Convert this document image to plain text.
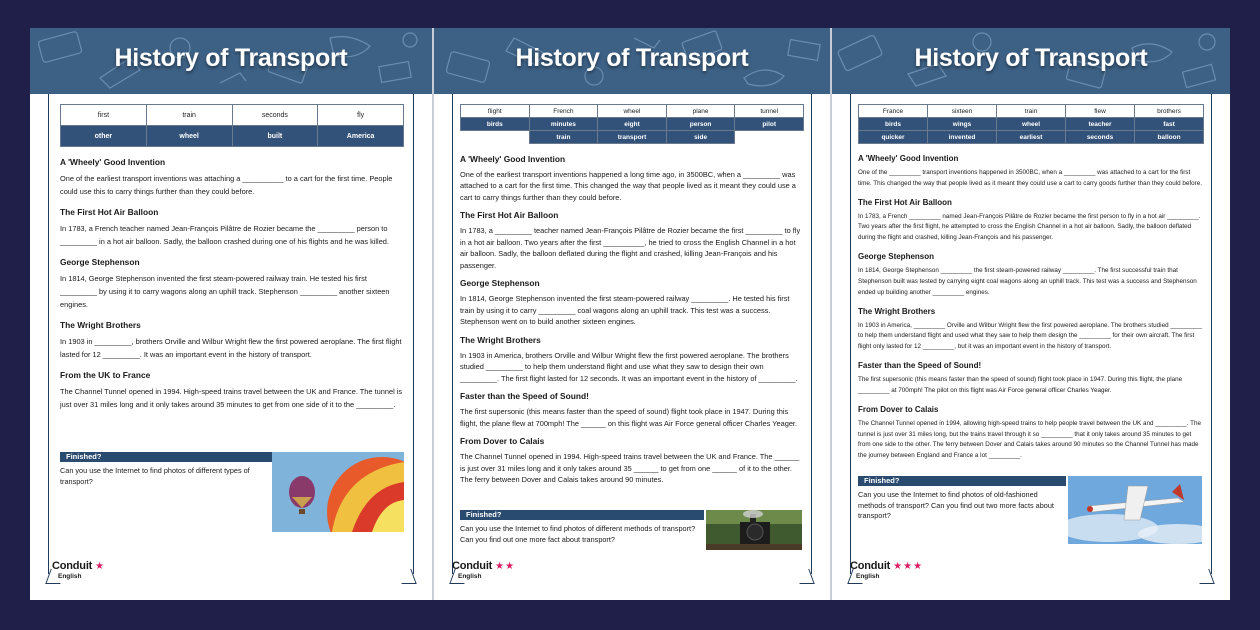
History of Transport
first	train	seconds	fly
other	wheel	built	America
A 'Wheely' Good Invention

One of the earliest transport inventions was attaching a __________ to a cart for the first time. People could use this to carry things further than they could before.

The First Hot Air Balloon

In 1783, a French teacher named Jean-François Pilâtre de Rozier became the _________ person to _________ in a hot air balloon. Sadly, the balloon crashed during one of his flights and he was killed.

George Stephenson

In 1814, George Stephenson invented the first steam-powered railway train. He tested his first _________ by using it to carry wagons along an uphill track. Stephenson _________ another sixteen engines.

The Wright Brothers

In 1903 in _________, brothers Orville and Wilbur Wright flew the first powered aeroplane. The first flight lasted for 12 _________. It was an important event in the history of transport.

From the UK to France

The Channel Tunnel opened in 1994. High-speed trains travel between the UK and France. The tunnel is just over 31 miles long and it only takes around 35 minutes to get from one side of it to the _________.

Finished?
Can you use the Internet to find photos of different types of transport?
Conduit ★
English
History of Transport
flight	French	wheel	plane	tunnel
birds	minutes	eight	person	pilot
	train	transport	side	
A 'Wheely' Good Invention

One of the earliest transport inventions happened a long time ago, in 3500BC, when a _________ was attached to a cart for the first time. This changed the way that people lived as it meant they could use a cart to carry things further than they could before.

The First Hot Air Balloon

In 1783, a _________ teacher named Jean-François Pilâtre de Rozier became the first _________ to fly in a hot air balloon. Two years after the first __________, he tried to cross the English Channel in a hot air balloon. Sadly, the balloon deflated during the flight and crashed, killing Jean-François and his passenger.

George Stephenson

In 1814, George Stephenson invented the first steam-powered railway _________. He tested his first train by using it to carry _________ coal wagons along an uphill track. This test was a success. Stephenson went on to build another sixteen engines.

The Wright Brothers

In 1903 in America, brothers Orville and Wilbur Wright flew the first powered aeroplane. The brothers studied _________ to help them understand flight and use what they saw to design their own _________. The first flight lasted for 12 seconds. It was an important event in the history of _________.

Faster than the Speed of Sound!

The first supersonic (this means faster than the speed of sound) flight took place in 1947. During this flight, the plane flew at 700mph! The ______ on this flight was Air Force general officer Charles Yeager.

From Dover to Calais

The Channel Tunnel opened in 1994. High-speed trains travel between the UK and France. The ______ is just over 31 miles long and it only takes around 35 ______ to get from one ______ of it to the other. The ferry between Dover and Calais takes around 90 minutes.

Finished?
Can you use the Internet to find photos of different methods of transport? Can you find out one more fact about transport?
Conduit ★★
English
History of Transport
France	sixteen	train	flew	brothers
birds	wings	wheel	teacher	fast
quicker	invented	earliest	seconds	balloon
A 'Wheely' Good Invention

One of the _________ transport inventions happened in 3500BC, when a _________ was attached to a cart for the first time. This changed the way that people lived as it meant they could use a cart to carry goods further than they could before.

The First Hot Air Balloon

In 1783, a French _________ named Jean-François Pilâtre de Rozier became the first person to fly in a hot air _________. Two years after the first flight, he attempted to cross the English Channel in a hot air balloon. Sadly, the balloon deflated during the flight and crashed, killing Jean-François and his passenger.

George Stephenson

In 1814, George Stephenson _________ the first steam-powered railway _________. The first successful train that Stephenson built was tested by carrying eight coal wagons along an uphill track. This test was a success and Stephenson ended up building another _________ engines.

The Wright Brothers

In 1903 in America, _________ Orville and Wilbur Wright flew the first powered aeroplane. The brothers studied _________ to help them understand flight and used what they saw to help them design the _________ for their own aircraft. The first flight only lasted for 12 _________, but it was an important event in the history of transport.

Faster than the Speed of Sound!

The first supersonic (this means faster than the speed of sound) flight took place in 1947. During this flight, the plane _________ at 700mph! The pilot on this flight was Air Force general officer Charles Yeager.

From Dover to Calais

The Channel Tunnel opened in 1994, allowing high-speed trains to help people travel between the UK and _________. The tunnel is just over 31 miles long, but the trains travel through it so _________ that it only takes around 35 minutes to get from one side to the other. The ferry between Dover and Calais takes around 90 minutes so the Channel Tunnel has made the journey between England and France a lot _________.

Finished?
Can you use the Internet to find photos of old-fashioned methods of transport? Can you find out two more facts about transport?
Conduit ★★★
English
